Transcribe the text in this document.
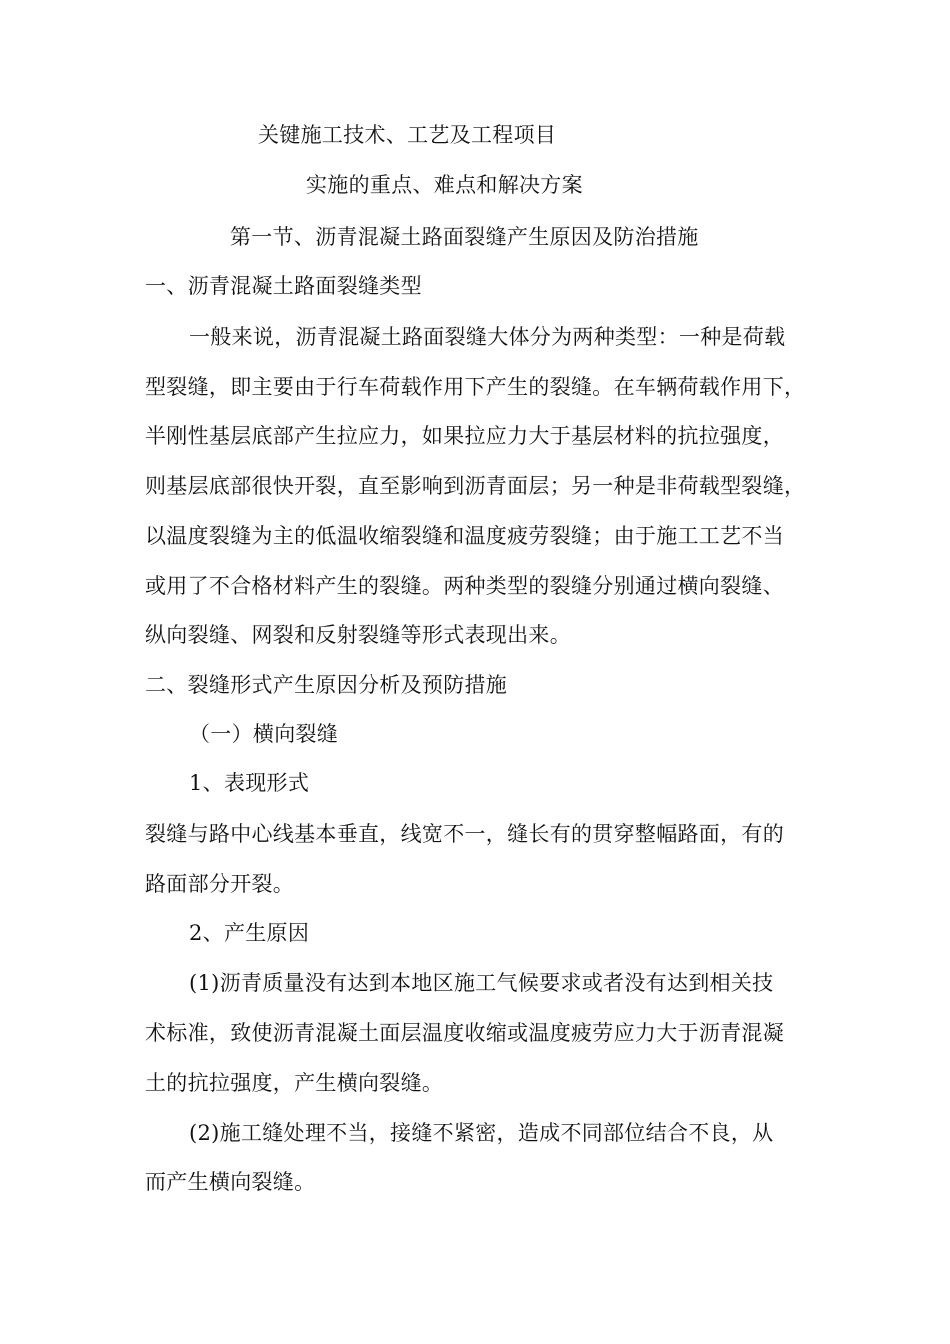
关键施工技术、工艺及工程项目
实施的重点、难点和解决方案
第一节、沥青混凝土路面裂缝产生原因及防治措施
一、沥青混凝土路面裂缝类型
一般来说，沥青混凝土路面裂缝大体分为两种类型：一种是荷载
型裂缝，即主要由于行车荷载作用下产生的裂缝。在车辆荷载作用下，
半刚性基层底部产生拉应力，如果拉应力大于基层材料的抗拉强度，
则基层底部很快开裂，直至影响到沥青面层；另一种是非荷载型裂缝，
以温度裂缝为主的低温收缩裂缝和温度疲劳裂缝；由于施工工艺不当
或用了不合格材料产生的裂缝。两种类型的裂缝分别通过横向裂缝、
纵向裂缝、网裂和反射裂缝等形式表现出来。
二、裂缝形式产生原因分析及预防措施
（一）横向裂缝
1、表现形式
裂缝与路中心线基本垂直，线宽不一，缝长有的贯穿整幅路面，有的
路面部分开裂。
2、产生原因
(1)沥青质量没有达到本地区施工气候要求或者没有达到相关技
术标准，致使沥青混凝土面层温度收缩或温度疲劳应力大于沥青混凝
土的抗拉强度，产生横向裂缝。
(2)施工缝处理不当，接缝不紧密，造成不同部位结合不良，从
而产生横向裂缝。
